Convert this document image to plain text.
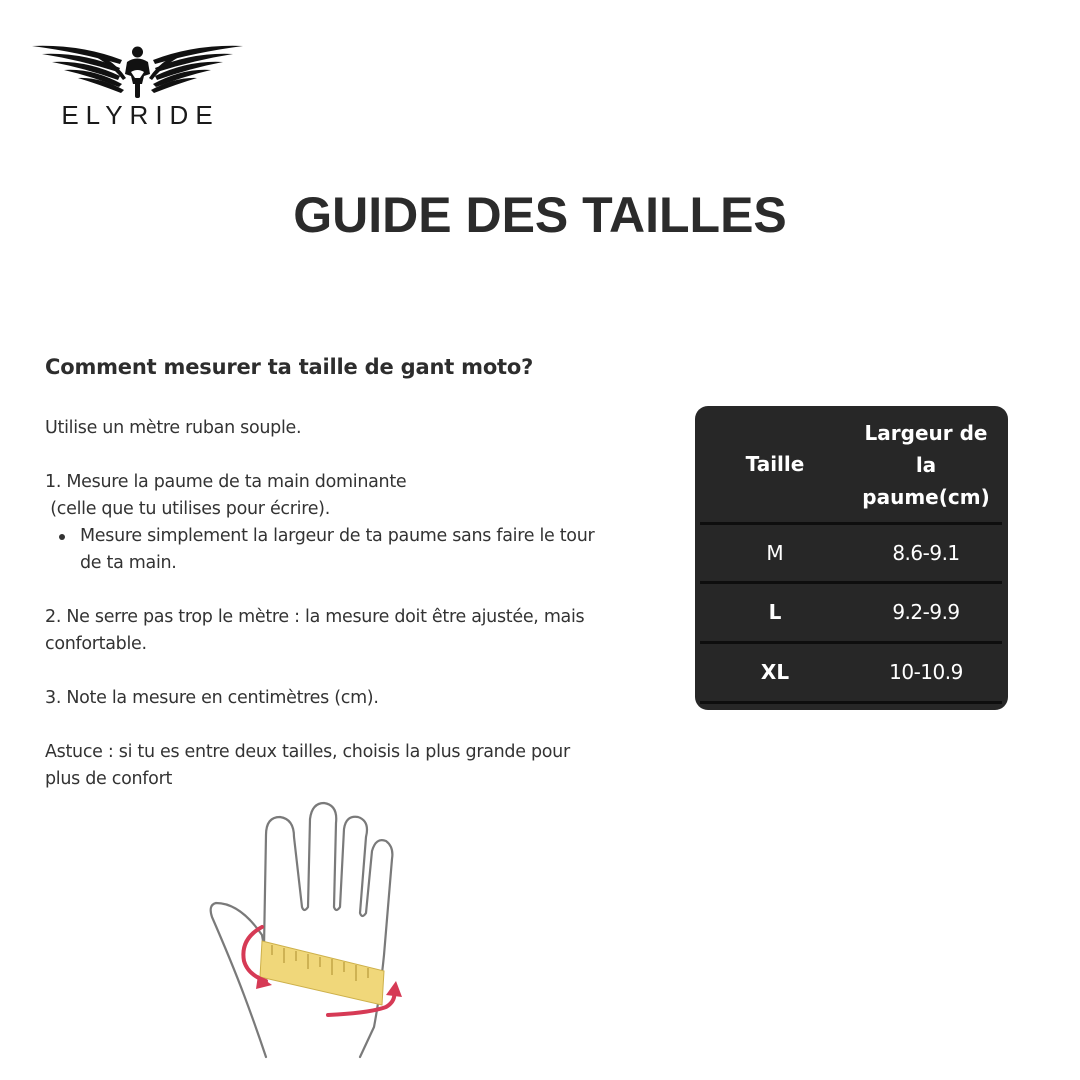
ELYRIDE
GUIDE DES TAILLES
Comment mesurer ta taille de gant moto?

Utilise un mètre ruban souple.

1. Mesure la paume de ta main dominante

(celle que tu utilises pour écrire).

Mesure simplement la largeur de ta paume sans faire le tour de ta main.

2. Ne serre pas trop le mètre : la mesure doit être ajustée, mais confortable.

3. Note la mesure en centimètres (cm).

Astuce : si tu es entre deux tailles, choisis la plus grande pour plus de confort

Taille	Largeur de
la
paume(cm)

M	8.6-9.1
L	9.2-9.9
XL	10-10.9
